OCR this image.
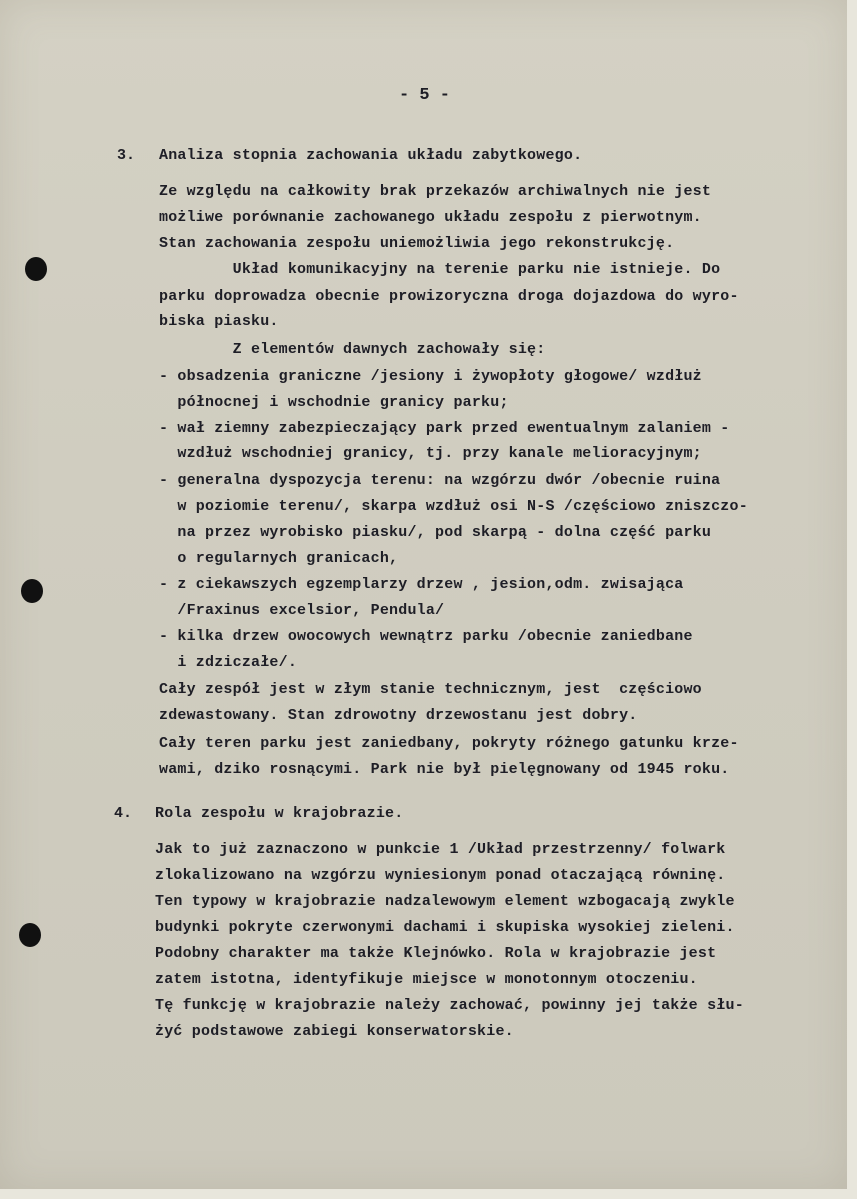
- 5 -
3. Analiza stopnia zachowania układu zabytkowego.
Ze względu na całkowity brak przekazów archiwalnych nie jest
możliwe porównanie zachowanego układu zespołu z pierwotnym.
Stan zachowania zespołu uniemożliwia jego rekonstrukcję.
Układ komunikacyjny na terenie parku nie istnieje. Do
parku doprowadza obecnie prowizoryczna droga dojazdowa do wyro-
biska piasku.
Z elementów dawnych zachowały się:
- obsadzenia graniczne /jesiony i żywopłoty głogowe/ wzdłuż
północnej i wschodnie granicy parku;
- wał ziemny zabezpieczający park przed ewentualnym zalaniem -
wzdłuż wschodniej granicy, tj. przy kanale melioracyjnym;
- generalna dyspozycja terenu: na wzgórzu dwór /obecnie ruina
w poziomie terenu/, skarpa wzdłuż osi N-S /częściowo zniszczo-
na przez wyrobisko piasku/, pod skarpą - dolna część parku
o regularnych granicach,
- z ciekawszych egzemplarzy drzew , jesion,odm. zwisająca
/Fraxinus excelsior, Pendula/
- kilka drzew owocowych wewnątrz parku /obecnie zaniedbane
i zdziczałe/.
Cały zespół jest w złym stanie technicznym, jest  częściowo
zdewastowany. Stan zdrowotny drzewostanu jest dobry.
Cały teren parku jest zaniedbany, pokryty różnego gatunku krze-
wami, dziko rosnącymi. Park nie był pielęgnowany od 1945 roku.
4. Rola zespołu w krajobrazie.
Jak to już zaznaczono w punkcie 1 /Układ przestrzenny/ folwark
zlokalizowano na wzgórzu wyniesionym ponad otaczającą równinę.
Ten typowy w krajobrazie nadzalewowym element wzbogacają zwykle
budynki pokryte czerwonymi dachami i skupiska wysokiej zieleni.
Podobny charakter ma także Klejnówko. Rola w krajobrazie jest
zatem istotna, identyfikuje miejsce w monotonnym otoczeniu.
Tę funkcję w krajobrazie należy zachować, powinny jej także słu-
żyć podstawowe zabiegi konserwatorskie.
